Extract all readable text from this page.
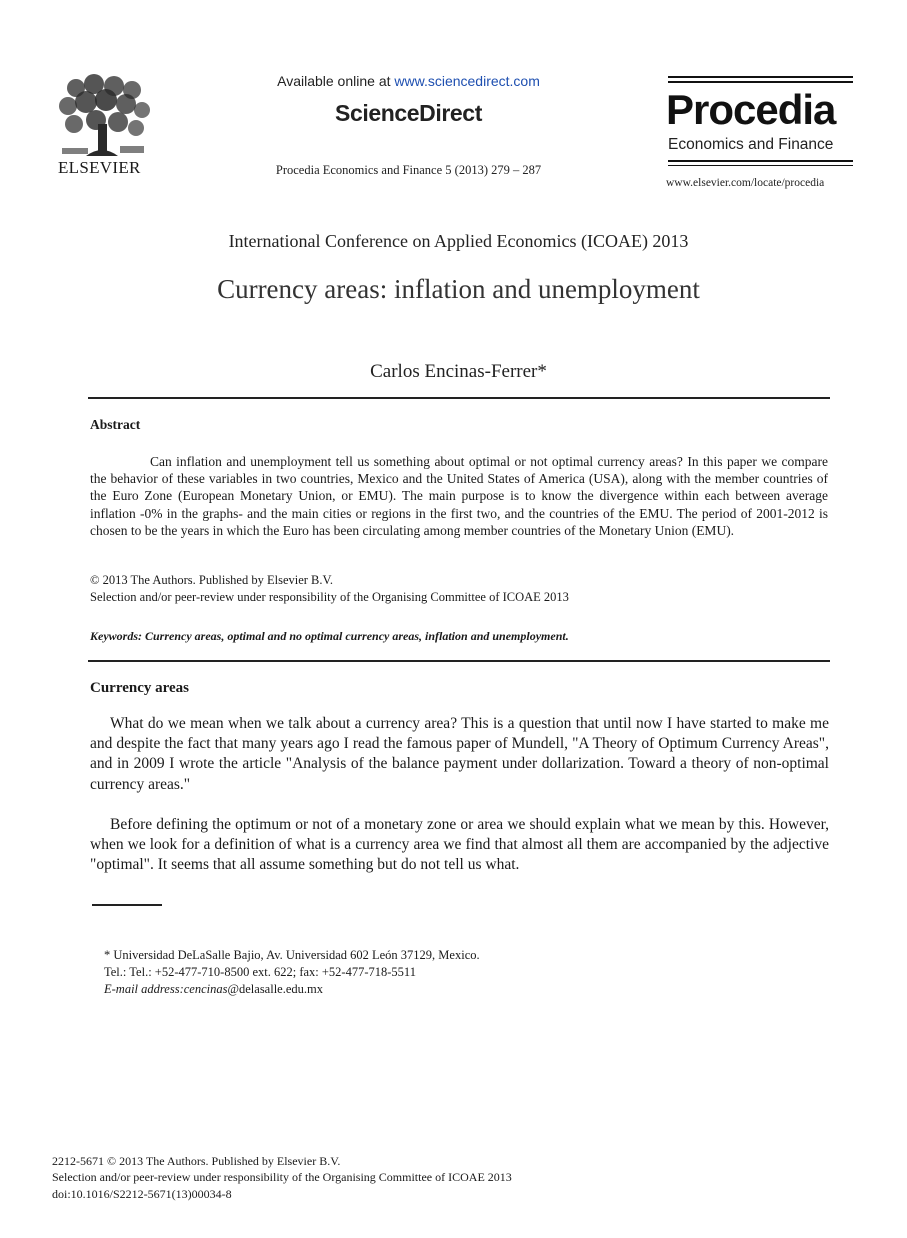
ELSEVIER
Available online at www.sciencedirect.com
ScienceDirect
Procedia Economics and Finance 5 (2013) 279 – 287
Procedia
Economics and Finance
www.elsevier.com/locate/procedia
International Conference on Applied Economics (ICOAE) 2013
Currency areas: inflation and unemployment
Carlos Encinas-Ferrer*
Abstract
Can inflation and unemployment tell us something about optimal or not optimal currency areas? In this paper we compare the behavior of these variables in two countries, Mexico and the United States of America (USA), along with the member countries of the Euro Zone (European Monetary Union, or EMU). The main purpose is to know the divergence within each between average inflation -0% in the graphs- and the main cities or regions in the first two, and the countries of the EMU. The period of 2001-2012 is chosen to be the years in which the Euro has been circulating among member countries of the Monetary Union (EMU).
© 2013 The Authors. Published by Elsevier B.V.
Selection and/or peer-review under responsibility of the Organising Committee of ICOAE 2013
Keywords: Currency areas, optimal and no optimal currency areas, inflation and unemployment.
Currency areas
What do we mean when we talk about a currency area? This is a question that until now I have started to make me and despite the fact that many years ago I read the famous paper of Mundell, "A Theory of Optimum Currency Areas", and in 2009 I wrote the article "Analysis of the balance payment under dollarization. Toward a theory of non-optimal currency areas."
Before defining the optimum or not of a monetary zone or area we should explain what we mean by this. However, when we look for a definition of what is a currency area we find that almost all them are accompanied by the adjective "optimal". It seems that all assume something but do not tell us what.
* Universidad DeLaSalle Bajio, Av. Universidad 602 León 37129, Mexico.
Tel.: Tel.: +52-477-710-8500 ext. 622; fax: +52-477-718-5511
E-mail address:cencinas@delasalle.edu.mx
2212-5671 © 2013 The Authors. Published by Elsevier B.V.
Selection and/or peer-review under responsibility of the Organising Committee of ICOAE 2013
doi:10.1016/S2212-5671(13)00034-8
